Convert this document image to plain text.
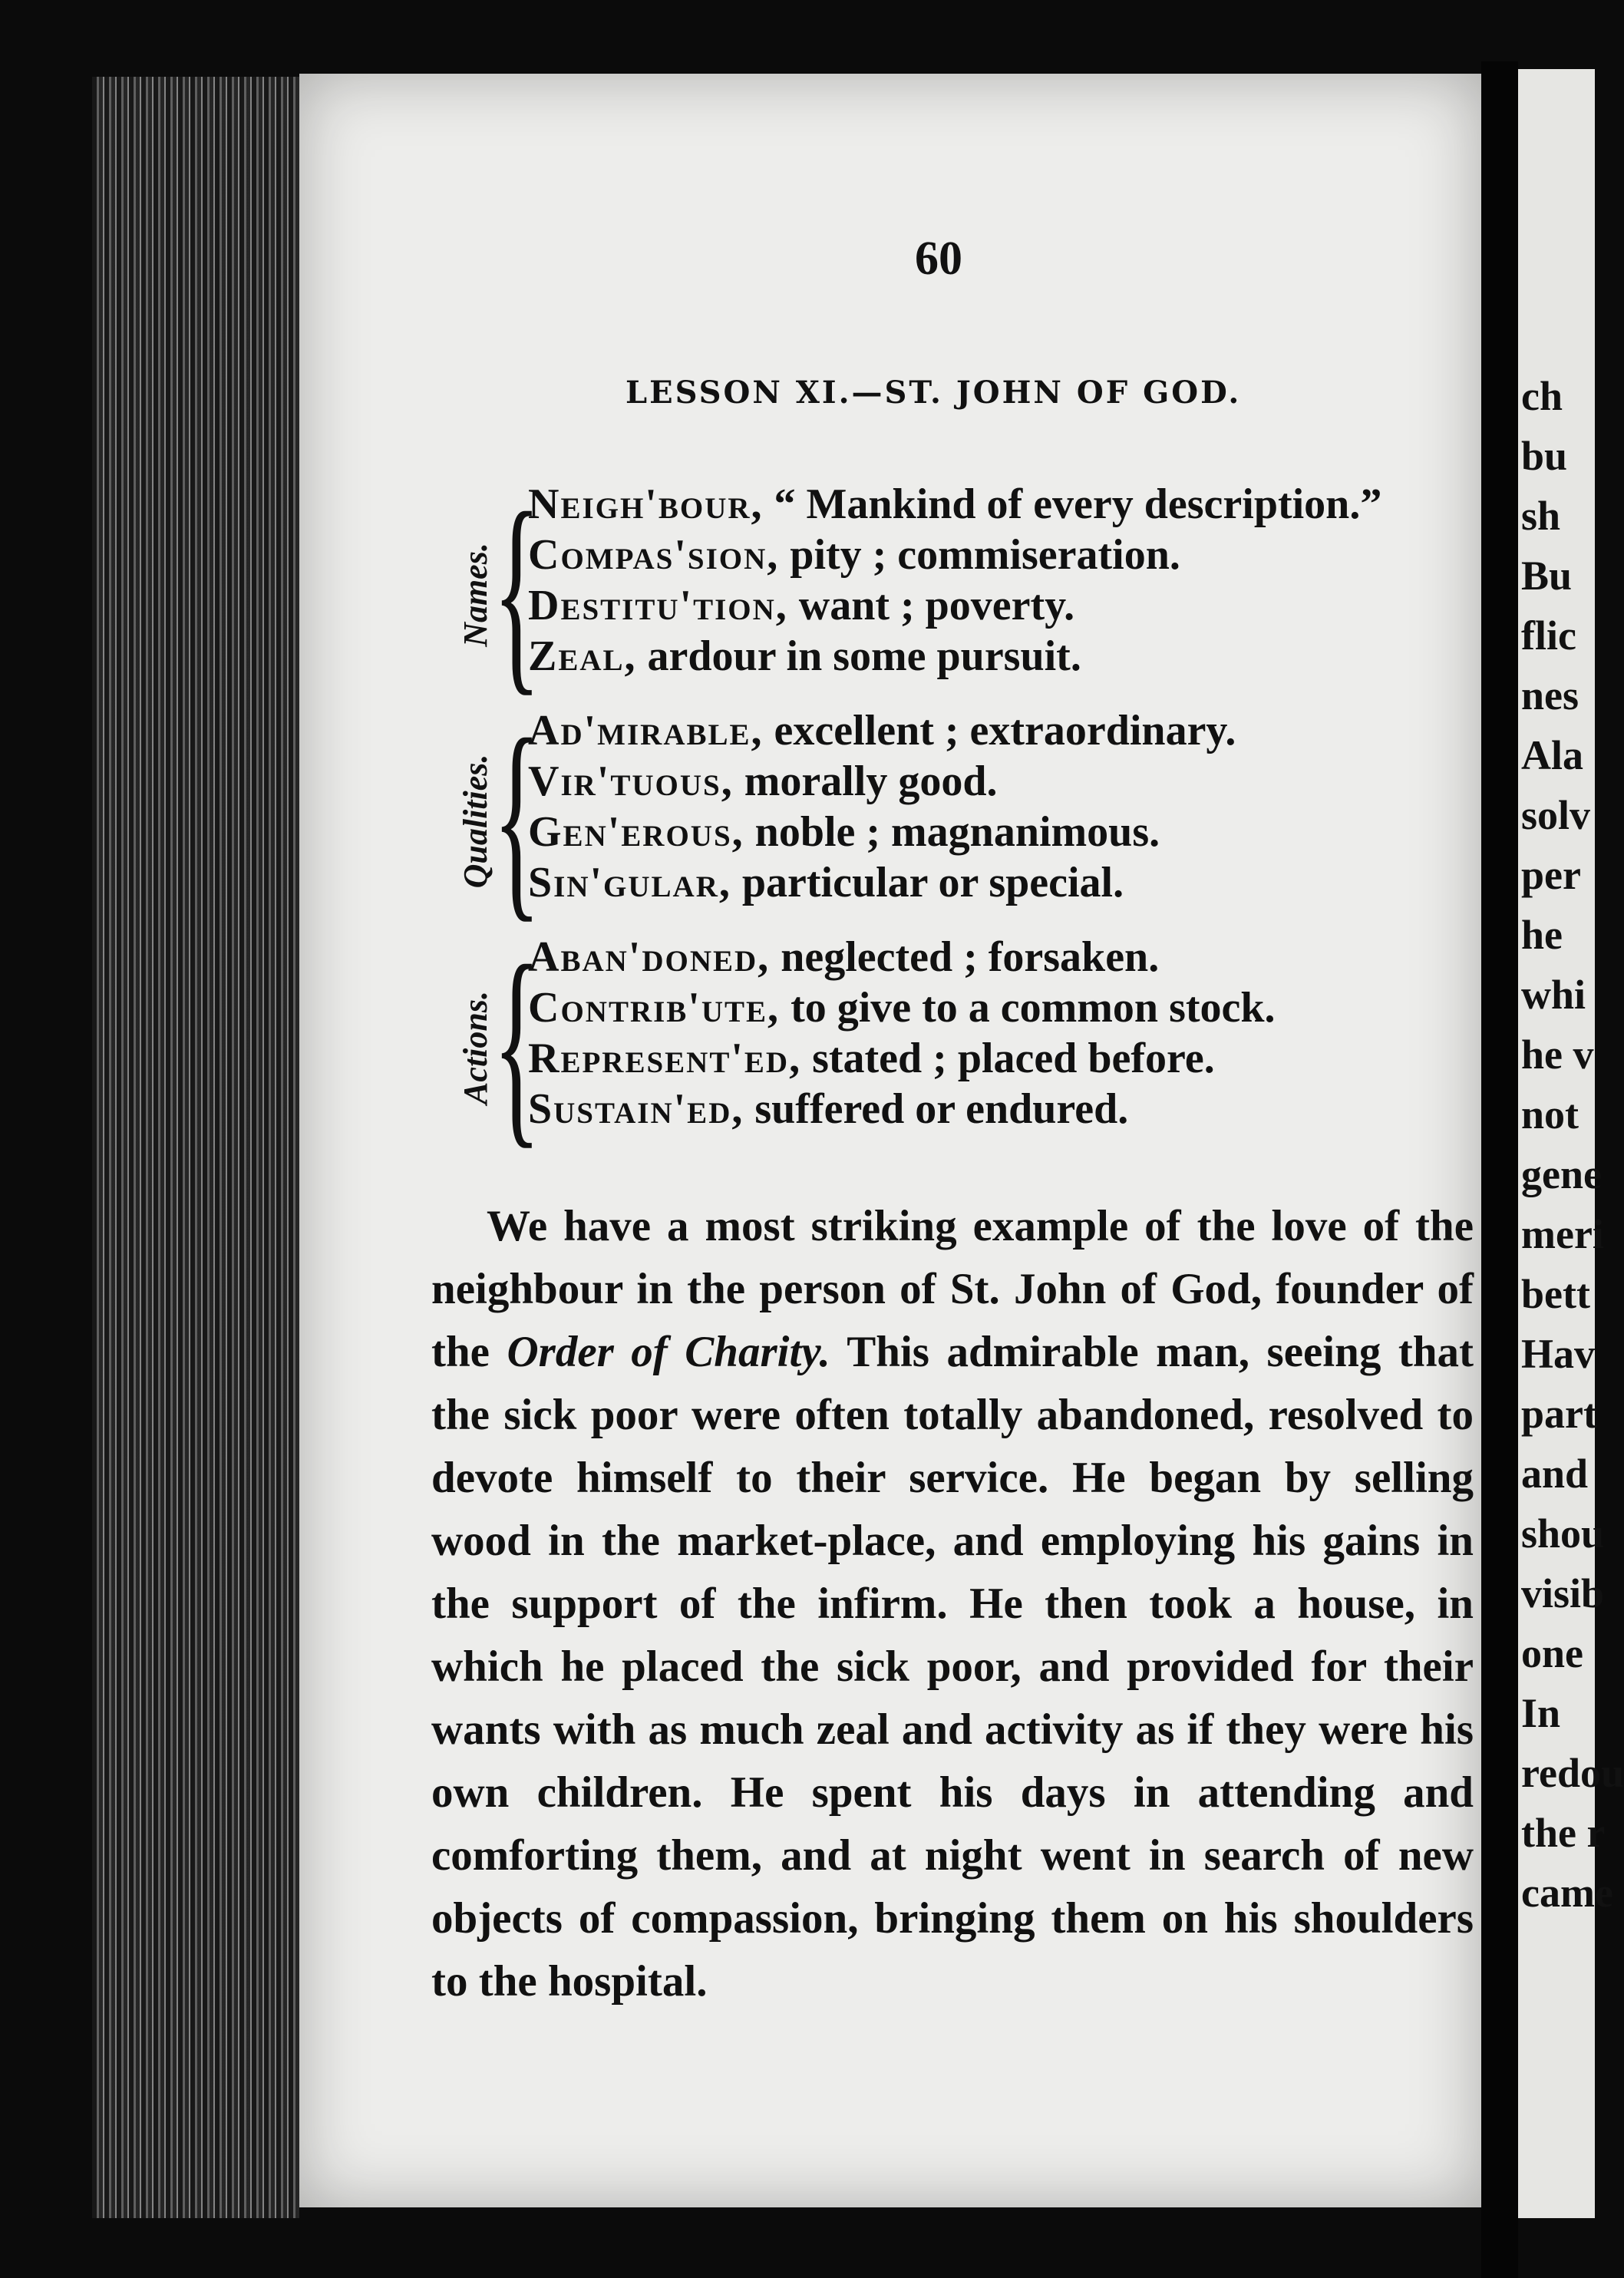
ch
bu
sh
Bu
flic
nes
Ala
solv
per
he
whi
he v
not
gene
meri
bett
Hav
part
and
shou
visib
one
In
redou
the r
came
60
LESSON XI.—ST. JOHN OF GOD.
Names.
{
Neigh'bour, “ Mankind of every description.”
Compas'sion, pity ; commiseration.
Destitu'tion, want ; poverty.
Zeal, ardour in some pursuit.
Qualities.
{
Ad'mirable, excellent ; extraordinary.
Vir'tuous, morally good.
Gen'erous, noble ; magnanimous.
Sin'gular, particular or special.
Actions.
{
Aban'doned, neglected ; forsaken.
Contrib'ute, to give to a common stock.
Represent'ed, stated ; placed before.
Sustain'ed, suffered or endured.

We have a most striking example of the love of the neighbour in the person of St. John of God, founder of the Order of Charity. This admirable man, seeing that the sick poor were often totally abandoned, resolved to devote himself to their service. He began by selling wood in the market-place, and employing his gains in the support of the infirm. He then took a house, in which he placed the sick poor, and provided for their wants with as much zeal and activity as if they were his own children. He spent his days in attending and comforting them, and at night went in search of new objects of compassion, bringing them on his shoulders to the hospital.
